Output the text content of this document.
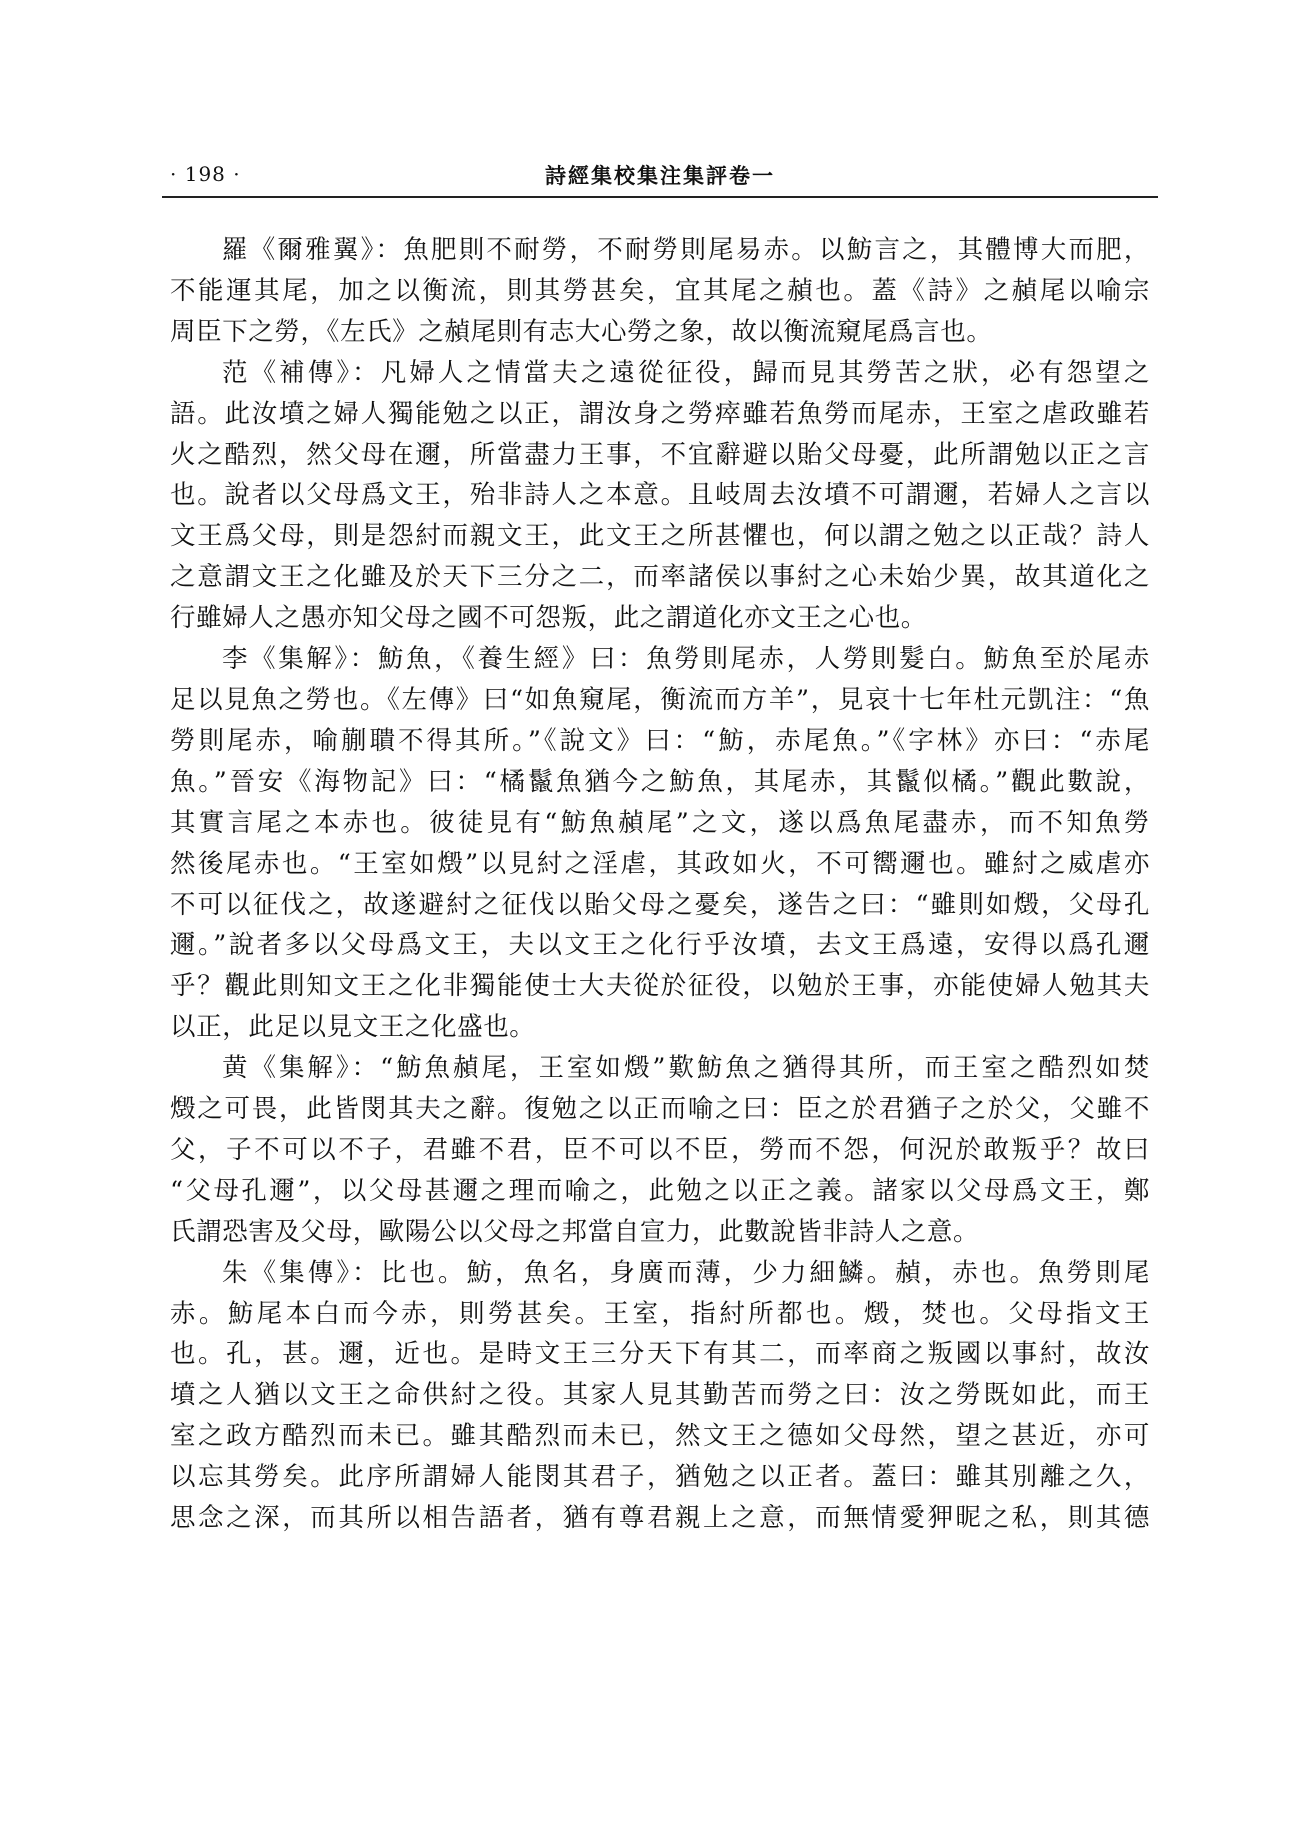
· 198 ·	詩經集校集注集評卷一

羅《爾雅翼》：魚肥則不耐勞，不耐勞則尾易赤。以魴言之，其體博大而肥，
不能運其尾，加之以衡流，則其勞甚矣，宜其尾之赬也。蓋《詩》之赬尾以喻宗
周臣下之勞，《左氏》之赬尾則有志大心勞之象，故以衡流窺尾爲言也。

范《補傳》：凡婦人之情當夫之遠從征役，歸而見其勞苦之狀，必有怨望之
語。此汝墳之婦人獨能勉之以正，謂汝身之勞瘁雖若魚勞而尾赤，王室之虐政雖若
火之酷烈，然父母在邇，所當盡力王事，不宜辭避以貽父母憂，此所謂勉以正之言
也。說者以父母爲文王，殆非詩人之本意。且岐周去汝墳不可謂邇，若婦人之言以
文王爲父母，則是怨紂而親文王，此文王之所甚懼也，何以謂之勉之以正哉？詩人
之意謂文王之化雖及於天下三分之二，而率諸侯以事紂之心未始少異，故其道化之
行雖婦人之愚亦知父母之國不可怨叛，此之謂道化亦文王之心也。

李《集解》：魴魚，《養生經》曰：魚勞則尾赤，人勞則髮白。魴魚至於尾赤
足以見魚之勞也。《左傳》曰“如魚窺尾，衡流而方羊”，見哀十七年杜元凱注：“魚
勞則尾赤，喻蒯聵不得其所。”《說文》曰：“魴，赤尾魚。”《字林》亦曰：“赤尾
魚。”晉安《海物記》曰：“橘鬣魚猶今之魴魚，其尾赤，其鬣似橘。”觀此數說，
其實言尾之本赤也。彼徒見有“魴魚赬尾”之文，遂以爲魚尾盡赤，而不知魚勞
然後尾赤也。“王室如燬”以見紂之淫虐，其政如火，不可嚮邇也。雖紂之威虐亦
不可以征伐之，故遂避紂之征伐以貽父母之憂矣，遂告之曰：“雖則如燬，父母孔
邇。”說者多以父母爲文王，夫以文王之化行乎汝墳，去文王爲遠，安得以爲孔邇
乎？觀此則知文王之化非獨能使士大夫從於征役，以勉於王事，亦能使婦人勉其夫
以正，此足以見文王之化盛也。

黄《集解》：“魴魚赬尾，王室如燬”歎魴魚之猶得其所，而王室之酷烈如焚
燬之可畏，此皆閔其夫之辭。復勉之以正而喻之曰：臣之於君猶子之於父，父雖不
父，子不可以不子，君雖不君，臣不可以不臣，勞而不怨，何況於敢叛乎？故曰
“父母孔邇”，以父母甚邇之理而喻之，此勉之以正之義。諸家以父母爲文王，鄭
氏謂恐害及父母，歐陽公以父母之邦當自宣力，此數說皆非詩人之意。

朱《集傳》：比也。魴，魚名，身廣而薄，少力細鱗。赬，赤也。魚勞則尾
赤。魴尾本白而今赤，則勞甚矣。王室，指紂所都也。燬，焚也。父母指文王
也。孔，甚。邇，近也。是時文王三分天下有其二，而率商之叛國以事紂，故汝
墳之人猶以文王之命供紂之役。其家人見其勤苦而勞之曰：汝之勞既如此，而王
室之政方酷烈而未已。雖其酷烈而未已，然文王之德如父母然，望之甚近，亦可
以忘其勞矣。此序所謂婦人能閔其君子，猶勉之以正者。蓋曰：雖其別離之久，
思念之深，而其所以相告語者，猶有尊君親上之意，而無情愛狎昵之私，則其德
